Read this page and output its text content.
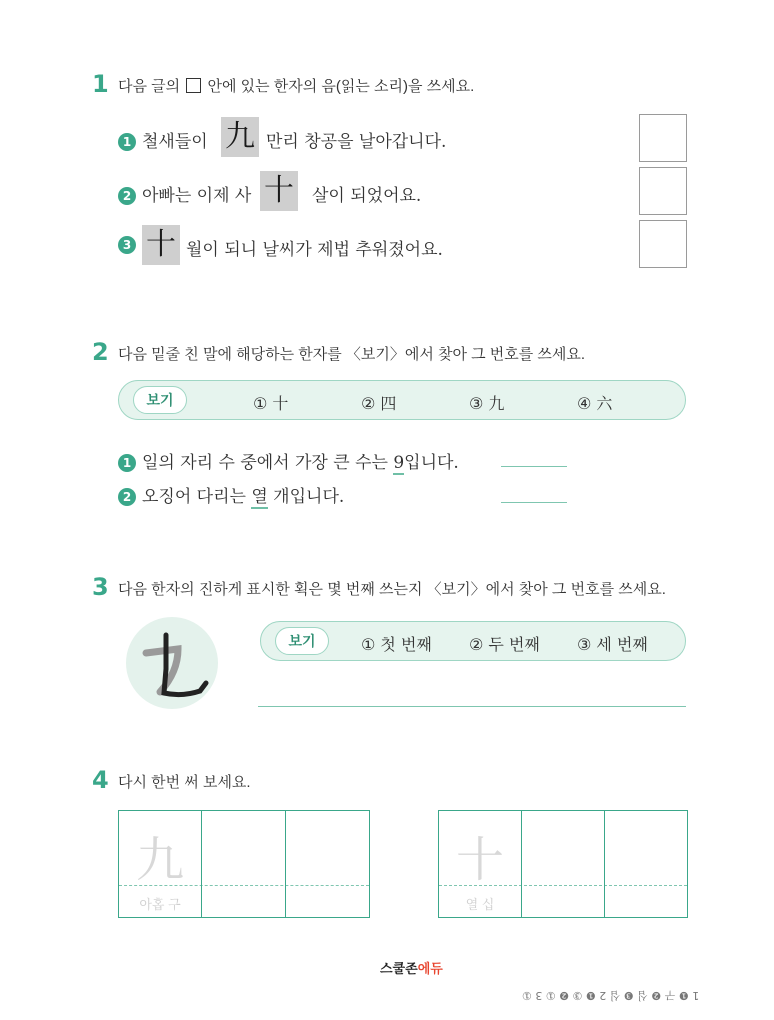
1 다음 글의 안에 있는 한자의 음(읽는 소리)을 쓰세요.
1 철새들이 九 만리 창공을 날아갑니다.
2 아빠는 이제 사 十 살이 되었어요.
3 十 월이 되니 날씨가 제법 추워졌어요.
2 다음 밑줄 친 말에 해당하는 한자를 〈보기〉에서 찾아 그 번호를 쓰세요.
보기	① 十	② 四	③ 九	④ 六
1 일의 자리 수 중에서 가장 큰 수는 9입니다.
2 오징어 다리는 열 개입니다.
3 다음 한자의 진하게 표시한 획은 몇 번째 쓰는지 〈보기〉에서 찾아 그 번호를 쓰세요.
보기	① 첫 번째 ② 두 번째 ③ 세 번째
4 다시 한번 써 보세요.
九
아홉 구
十
열 십
스쿨존에듀
1 ❶ 구 ❷ 십 ❸ 십 2 ❶ ③ ❷ ① 3 ①
